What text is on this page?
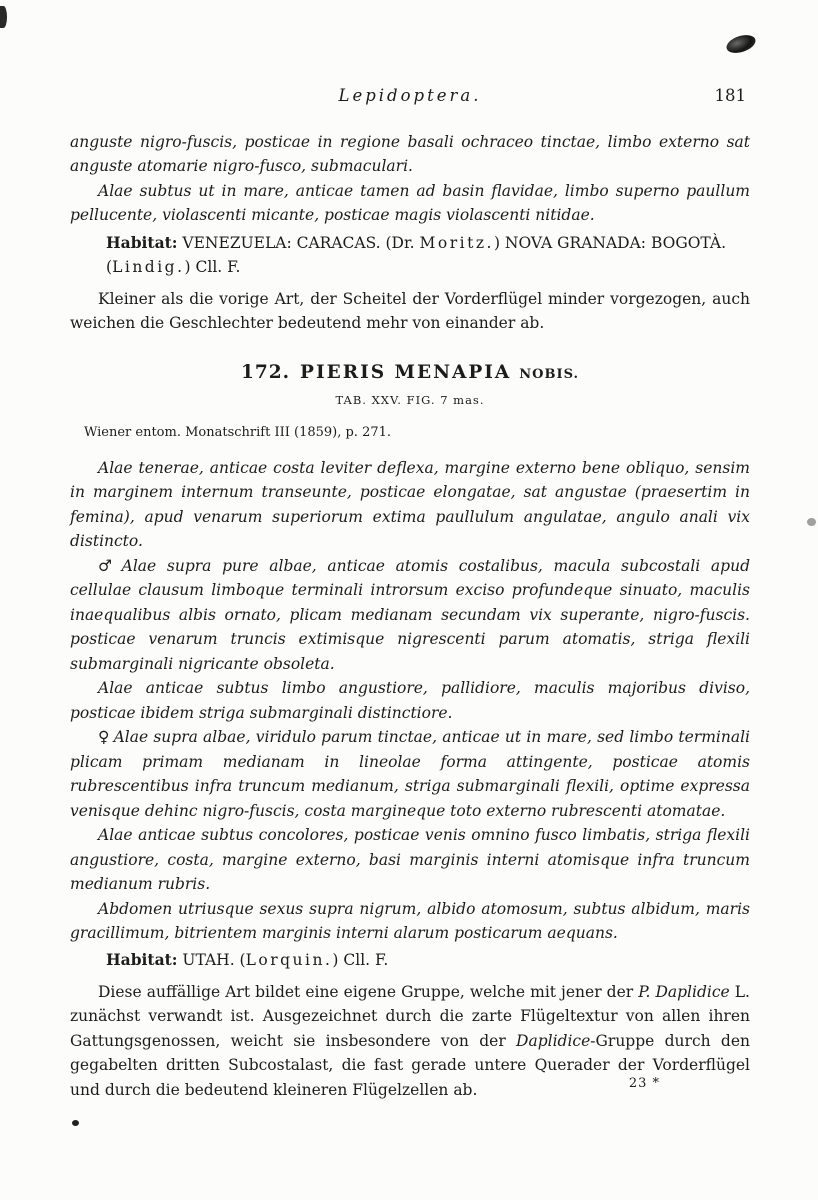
Lepidoptera.	181

anguste nigro-fuscis, posticae in regione basali ochraceo tinctae, limbo externo sat anguste atomarie nigro-fusco, submaculari.

Alae subtus ut in mare, anticae tamen ad basin flavidae, limbo superno paullum pellucente, violascenti micante, posticae magis violascenti nitidae.

Habitat: VENEZUELA: CARACAS. (Dr. Moritz.) NOVA GRANADA: BOGOTÀ. (Lindig.) Cll. F.

Kleiner als die vorige Art, der Scheitel der Vorderflügel minder vorgezogen, auch weichen die Geschlechter bedeutend mehr von einander ab.

172. PIERIS MENAPIA NOBIS.

TAB. XXV. FIG. 7 mas.

Wiener entom. Monatschrift III (1859), p. 271.

Alae tenerae, anticae costa leviter deflexa, margine externo bene obliquo, sensim in marginem internum transeunte, posticae elongatae, sat angustae (praesertim in femina), apud venarum superiorum extima paullulum angulatae, angulo anali vix distincto.

♂ Alae supra pure albae, anticae atomis costalibus, macula subcostali apud cellulae clausum limboque terminali introrsum exciso profundeque sinuato, maculis inaequalibus albis ornato, plicam medianam secundam vix superante, nigro-fuscis. posticae venarum truncis extimisque nigrescenti parum atomatis, striga flexili submarginali nigricante obsoleta.

Alae anticae subtus limbo angustiore, pallidiore, maculis majoribus diviso, posticae ibidem striga submarginali distinctiore.

♀ Alae supra albae, viridulo parum tinctae, anticae ut in mare, sed limbo terminali plicam primam medianam in lineolae forma attingente, posticae atomis rubrescentibus infra truncum medianum, striga submarginali flexili, optime expressa venisque dehinc nigro-fuscis, costa margineque toto externo rubrescenti atomatae.

Alae anticae subtus concolores, posticae venis omnino fusco limbatis, striga flexili angustiore, costa, margine externo, basi marginis interni atomisque infra truncum medianum rubris.

Abdomen utriusque sexus supra nigrum, albido atomosum, subtus albidum, maris gracillimum, bitrientem marginis interni alarum posticarum aequans.

Habitat: UTAH. (Lorquin.) Cll. F.

Diese auffällige Art bildet eine eigene Gruppe, welche mit jener der P. Daplidice L. zunächst verwandt ist. Ausgezeichnet durch die zarte Flügeltextur von allen ihren Gattungsgenossen, weicht sie insbesondere von der Daplidice-Gruppe durch den gegabelten dritten Subcostalast, die fast gerade untere Querader der Vorderflügel und durch die bedeutend kleineren Flügelzellen ab.	23 *
